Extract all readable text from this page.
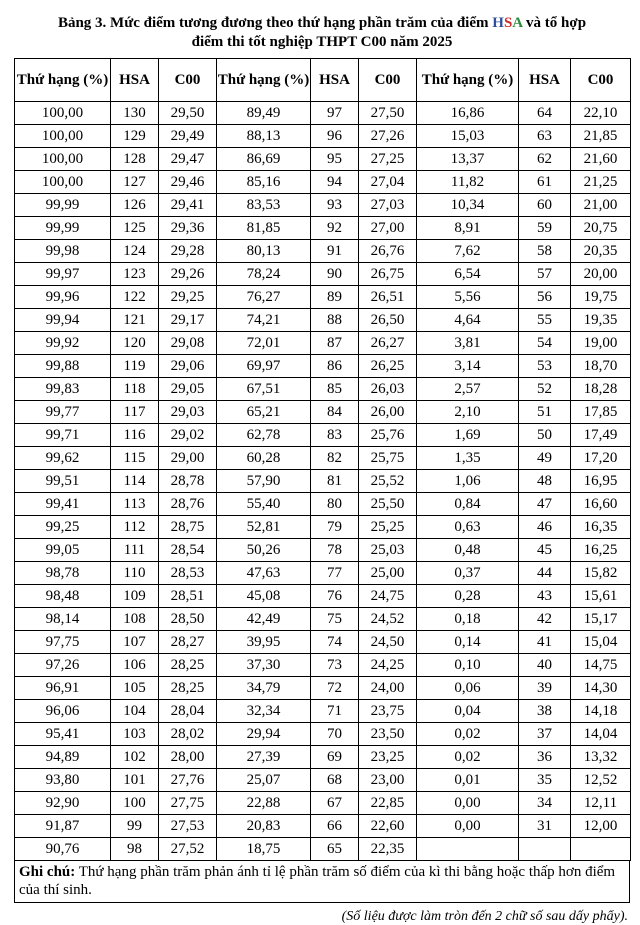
Bảng 3. Mức điểm tương đương theo thứ hạng phần trăm của điểm HSA và tổ hợp
điểm thi tốt nghiệp THPT C00 năm 2025
Thứ hạng (%)	HSA	C00	Thứ hạng (%)	HSA	C00	Thứ hạng (%)	HSA	C00
100,00	130	29,50	89,49	97	27,50	16,86	64	22,10
100,00	129	29,49	88,13	96	27,26	15,03	63	21,85
100,00	128	29,47	86,69	95	27,25	13,37	62	21,60
100,00	127	29,46	85,16	94	27,04	11,82	61	21,25
99,99	126	29,41	83,53	93	27,03	10,34	60	21,00
99,99	125	29,36	81,85	92	27,00	8,91	59	20,75
99,98	124	29,28	80,13	91	26,76	7,62	58	20,35
99,97	123	29,26	78,24	90	26,75	6,54	57	20,00
99,96	122	29,25	76,27	89	26,51	5,56	56	19,75
99,94	121	29,17	74,21	88	26,50	4,64	55	19,35
99,92	120	29,08	72,01	87	26,27	3,81	54	19,00
99,88	119	29,06	69,97	86	26,25	3,14	53	18,70
99,83	118	29,05	67,51	85	26,03	2,57	52	18,28
99,77	117	29,03	65,21	84	26,00	2,10	51	17,85
99,71	116	29,02	62,78	83	25,76	1,69	50	17,49
99,62	115	29,00	60,28	82	25,75	1,35	49	17,20
99,51	114	28,78	57,90	81	25,52	1,06	48	16,95
99,41	113	28,76	55,40	80	25,50	0,84	47	16,60
99,25	112	28,75	52,81	79	25,25	0,63	46	16,35
99,05	111	28,54	50,26	78	25,03	0,48	45	16,25
98,78	110	28,53	47,63	77	25,00	0,37	44	15,82
98,48	109	28,51	45,08	76	24,75	0,28	43	15,61
98,14	108	28,50	42,49	75	24,52	0,18	42	15,17
97,75	107	28,27	39,95	74	24,50	0,14	41	15,04
97,26	106	28,25	37,30	73	24,25	0,10	40	14,75
96,91	105	28,25	34,79	72	24,00	0,06	39	14,30
96,06	104	28,04	32,34	71	23,75	0,04	38	14,18
95,41	103	28,02	29,94	70	23,50	0,02	37	14,04
94,89	102	28,00	27,39	69	23,25	0,02	36	13,32
93,80	101	27,76	25,07	68	23,00	0,01	35	12,52
92,90	100	27,75	22,88	67	22,85	0,00	34	12,11
91,87	99	27,53	20,83	66	22,60	0,00	31	12,00
90,76	98	27,52	18,75	65	22,35			
Ghi chú: Thứ hạng phần trăm phản ánh tỉ lệ phần trăm số điểm của kì thi bằng hoặc thấp hơn điểm của thí sinh.
(Số liệu được làm tròn đến 2 chữ số sau dấy phẩy).
